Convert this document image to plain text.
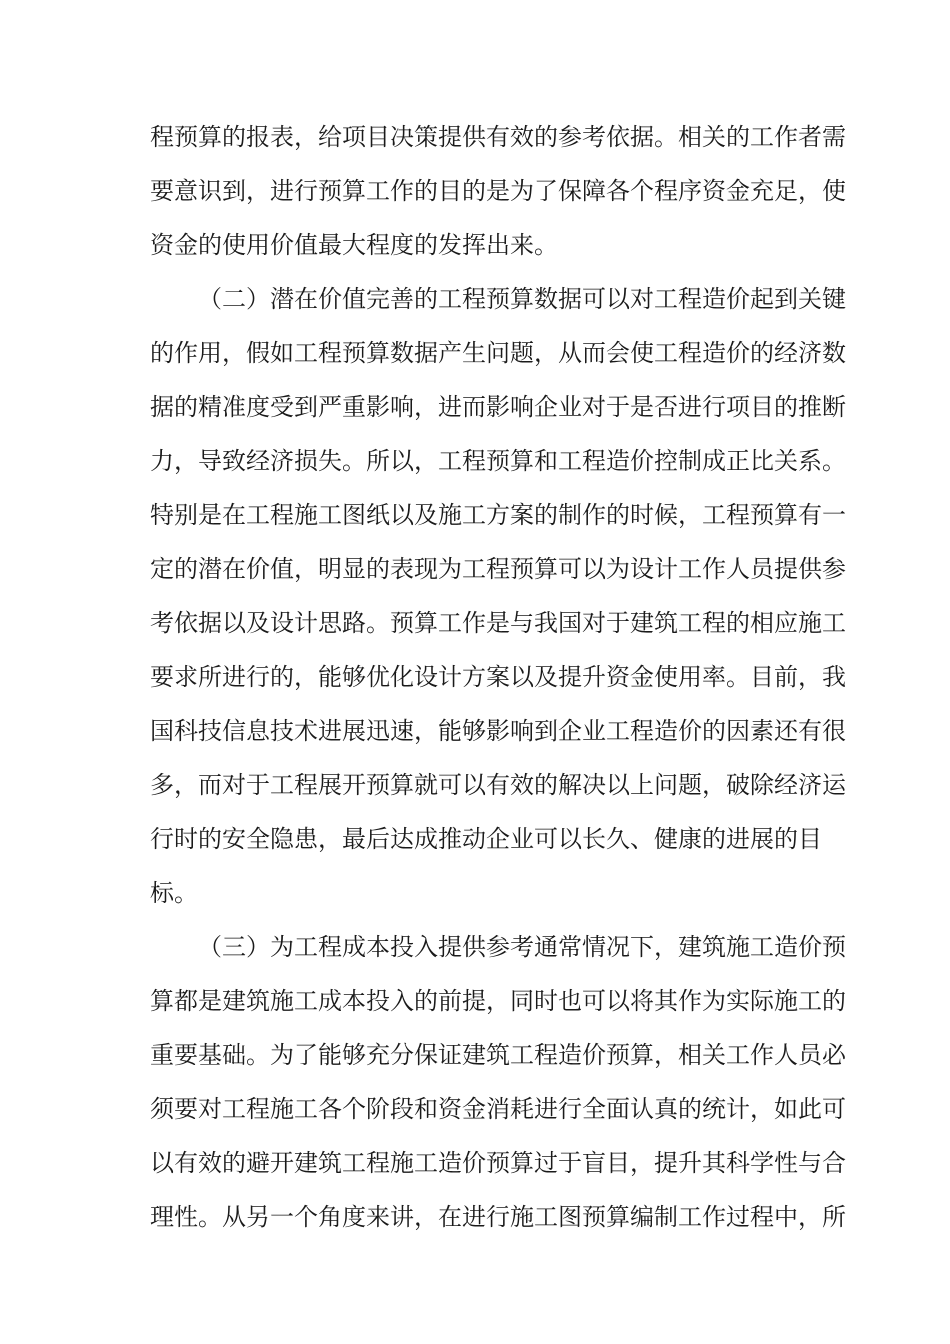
程预算的报表，给项目决策提供有效的参考依据。相关的工作者需
要意识到，进行预算工作的目的是为了保障各个程序资金充足，使
资金的使用价值最大程度的发挥出来。
（二）潜在价值完善的工程预算数据可以对工程造价起到关键
的作用，假如工程预算数据产生问题，从而会使工程造价的经济数
据的精准度受到严重影响，进而影响企业对于是否进行项目的推断
力，导致经济损失。所以，工程预算和工程造价控制成正比关系。
特别是在工程施工图纸以及施工方案的制作的时候，工程预算有一
定的潜在价值，明显的表现为工程预算可以为设计工作人员提供参
考依据以及设计思路。预算工作是与我国对于建筑工程的相应施工
要求所进行的，能够优化设计方案以及提升资金使用率。目前，我
国科技信息技术进展迅速，能够影响到企业工程造价的因素还有很
多，而对于工程展开预算就可以有效的解决以上问题，破除经济运
行时的安全隐患，最后达成推动企业可以长久、健康的进展的目
标。
（三）为工程成本投入提供参考通常情况下，建筑施工造价预
算都是建筑施工成本投入的前提，同时也可以将其作为实际施工的
重要基础。为了能够充分保证建筑工程造价预算，相关工作人员必
须要对工程施工各个阶段和资金消耗进行全面认真的统计，如此可
以有效的避开建筑工程施工造价预算过于盲目，提升其科学性与合
理性。从另一个角度来讲，在进行施工图预算编制工作过程中，所
